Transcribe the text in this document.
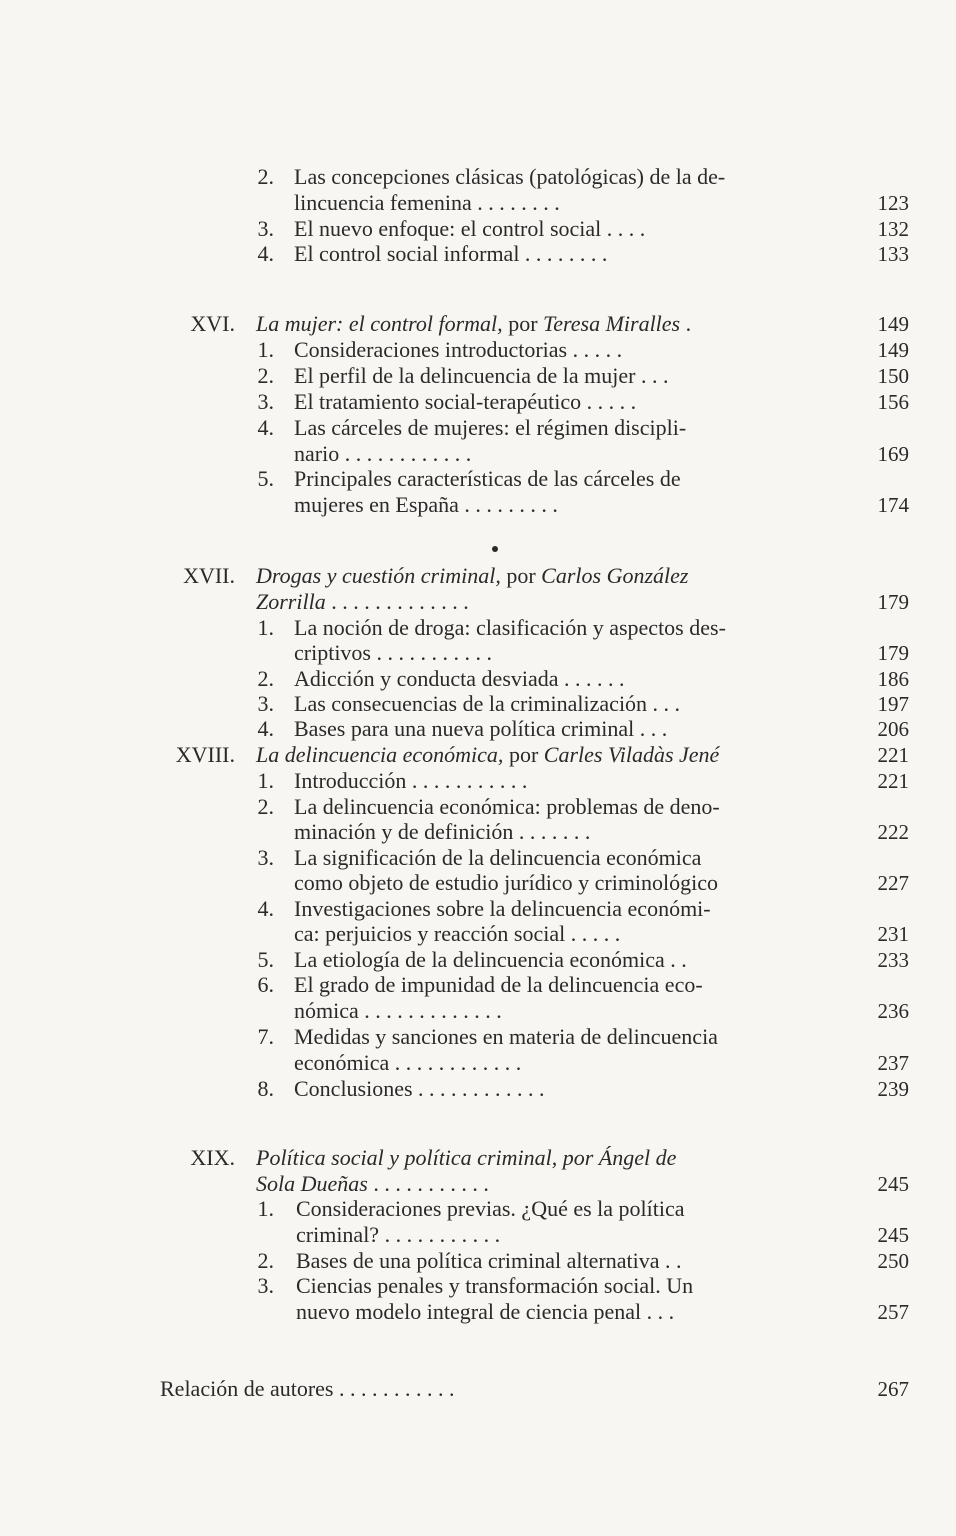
2. Las concepciones clásicas (patológicas) de la de-
lincuencia femenina . . . . . . . .	123
3. El nuevo enfoque: el control social . . . .	132
4. El control social informal . . . . . . . .	133
XVI. La mujer: el control formal, por Teresa Miralles .	149
1. Consideraciones introductorias . . . . .	149
2. El perfil de la delincuencia de la mujer . . .	150
3. El tratamiento social-terapéutico . . . . .	156
4. Las cárceles de mujeres: el régimen discipli-
nario . . . . . . . . . . . .	169
5. Principales características de las cárceles de
mujeres en España . . . . . . . . .	174
XVII. Drogas y cuestión criminal, por Carlos González
Zorrilla . . . . . . . . . . . . .	179
1. La noción de droga: clasificación y aspectos des-
criptivos . . . . . . . . . . .	179
2. Adicción y conducta desviada . . . . . .	186
3. Las consecuencias de la criminalización . . .	197
4. Bases para una nueva política criminal . . .	206
XVIII. La delincuencia económica, por Carles Viladàs Jené	221
1. Introducción . . . . . . . . . . .	221
2. La delincuencia económica: problemas de deno-
minación y de definición . . . . . . .	222
3. La significación de la delincuencia económica
como objeto de estudio jurídico y criminológico	227
4. Investigaciones sobre la delincuencia económi-
ca: perjuicios y reacción social . . . . .	231
5. La etiología de la delincuencia económica . .	233
6. El grado de impunidad de la delincuencia eco-
nómica . . . . . . . . . . . . .	236
7. Medidas y sanciones en materia de delincuencia
económica . . . . . . . . . . . .	237
8. Conclusiones . . . . . . . . . . . .	239
XIX. Política social y política criminal, por Ángel de
Sola Dueñas . . . . . . . . . . .	245
1. Consideraciones previas. ¿Qué es la política
criminal? . . . . . . . . . . .	245
2. Bases de una política criminal alternativa . .	250
3. Ciencias penales y transformación social. Un
nuevo modelo integral de ciencia penal . . .	257
Relación de autores . . . . . . . . . . .	267
